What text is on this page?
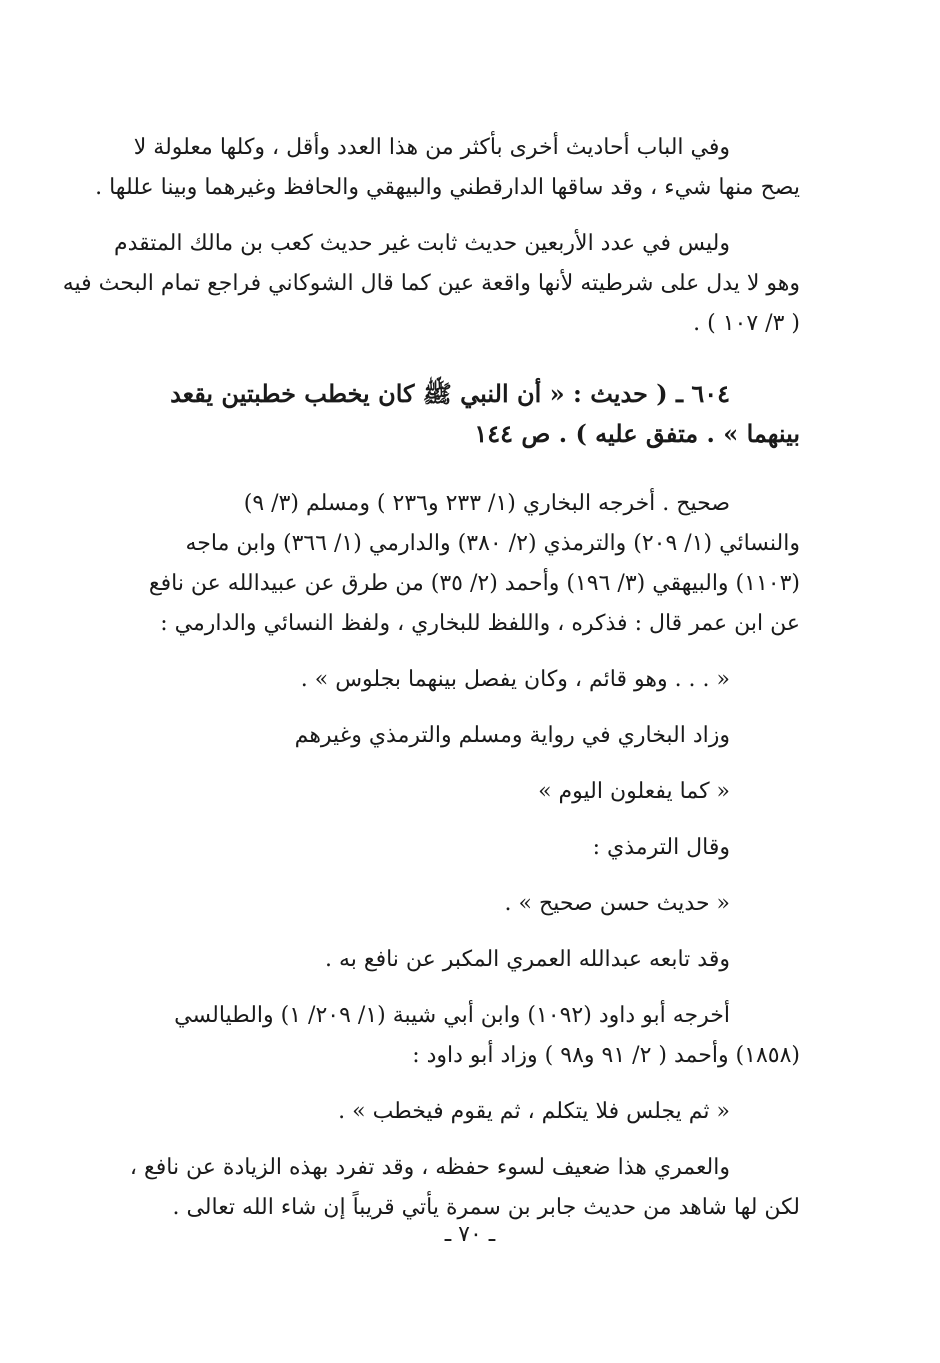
وفي الباب أحاديث أخرى بأكثر من هذا العدد وأقل ، وكلها معلولة لا
يصح منها شيء ، وقد ساقها الدارقطني والبيهقي والحافظ وغيرهما وبينا عللها .
وليس في عدد الأربعين حديث ثابت غير حديث كعب بن مالك المتقدم
وهو لا يدل على شرطيته لأنها واقعة عين كما قال الشوكاني فراجع تمام البحث فيه
( ٣/ ١٠٧ ) .
٦٠٤ ـ ( حديث : « أن النبي ﷺ كان يخطب خطبتين يقعد
بينهما » . متفق عليه ) . ص ١٤٤
صحيح . أخرجه البخاري (١/ ٢٣٣ و٢٣٦ ) ومسلم (٣/ ٩)
والنسائي (١/ ٢٠٩) والترمذي (٢/ ٣٨٠) والدارمي (١/ ٣٦٦) وابن ماجه
(١١٠٣) والبيهقي (٣/ ١٩٦) وأحمد (٢/ ٣٥) من طرق عن عبيدالله عن نافع
عن ابن عمر قال : فذكره ، واللفظ للبخاري ، ولفظ النسائي والدارمي :
« . . . وهو قائم ، وكان يفصل بينهما بجلوس » .
وزاد البخاري في رواية ومسلم والترمذي وغيرهم
« كما يفعلون اليوم »
وقال الترمذي :
« حديث حسن صحيح » .
وقد تابعه عبدالله العمري المكبر عن نافع به .
أخرجه أبو داود (١٠٩٢) وابن أبي شيبة (١/ ٢٠٩/ ١) والطيالسي
(١٨٥٨) وأحمد ( ٢/ ٩١ و٩٨ ) وزاد أبو داود :
« ثم يجلس فلا يتكلم ، ثم يقوم فيخطب » .
والعمري هذا ضعيف لسوء حفظه ، وقد تفرد بهذه الزيادة عن نافع ،
لكن لها شاهد من حديث جابر بن سمرة يأتي قريباً إن شاء الله تعالى .
ـ ٧٠ ـ
